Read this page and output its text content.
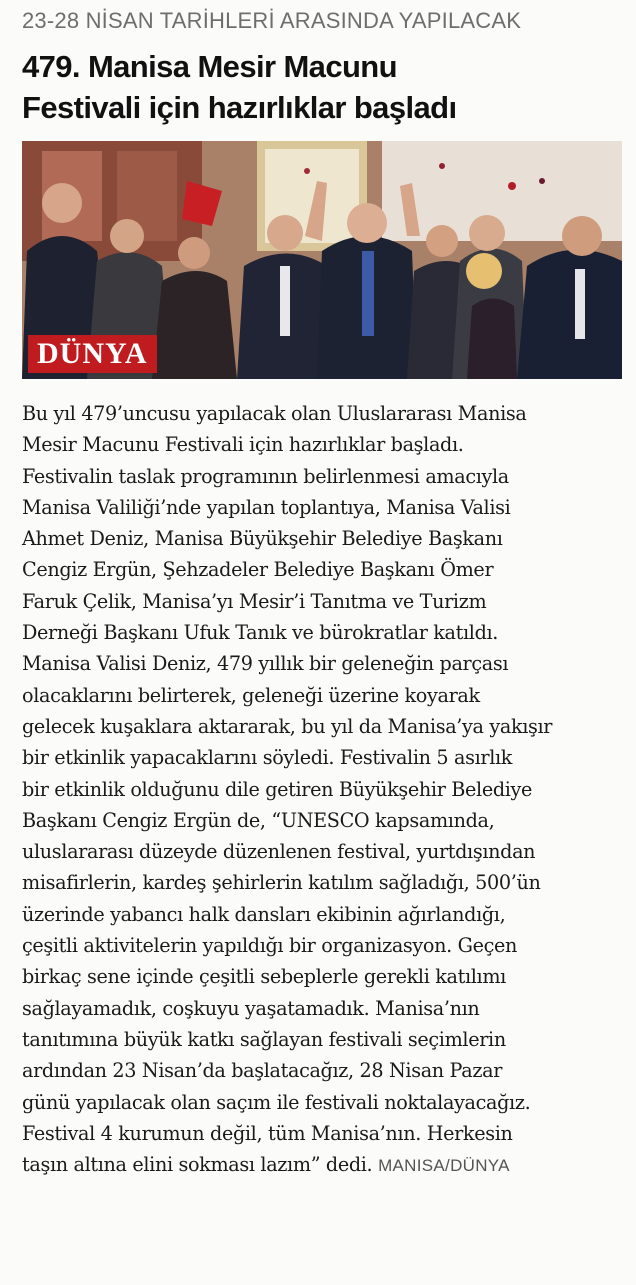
23-28 NİSAN TARİHLERİ ARASINDA YAPILACAK
479. Manisa Mesir Macunu
Festivali için hazırlıklar başladı
DÜNYA
Bu yıl 479’uncusu yapılacak olan Uluslararası Manisa
Mesir Macunu Festivali için hazırlıklar başladı.
Festivalin taslak programının belirlenmesi amacıyla
Manisa Valiliği’nde yapılan toplantıya, Manisa Valisi
Ahmet Deniz, Manisa Büyükşehir Belediye Başkanı
Cengiz Ergün, Şehzadeler Belediye Başkanı Ömer
Faruk Çelik, Manisa’yı Mesir’i Tanıtma ve Turizm
Derneği Başkanı Ufuk Tanık ve bürokratlar katıldı.
Manisa Valisi Deniz, 479 yıllık bir geleneğin parçası
olacaklarını belirterek, geleneği üzerine koyarak
gelecek kuşaklara aktararak, bu yıl da Manisa’ya yakışır
bir etkinlik yapacaklarını söyledi. Festivalin 5 asırlık
bir etkinlik olduğunu dile getiren Büyükşehir Belediye
Başkanı Cengiz Ergün de, “UNESCO kapsamında,
uluslararası düzeyde düzenlenen festival, yurtdışından
misafirlerin, kardeş şehirlerin katılım sağladığı, 500’ün
üzerinde yabancı halk dansları ekibinin ağırlandığı,
çeşitli aktivitelerin yapıldığı bir organizasyon. Geçen
birkaç sene içinde çeşitli sebeplerle gerekli katılımı
sağlayamadık, coşkuyu yaşatamadık. Manisa’nın
tanıtımına büyük katkı sağlayan festivali seçimlerin
ardından 23 Nisan’da başlatacağız, 28 Nisan Pazar
günü yapılacak olan saçım ile festivali noktalayacağız.
Festival 4 kurumun değil, tüm Manisa’nın. Herkesin
taşın altına elini sokması lazım” dedi. MANISA/DÜNYA
